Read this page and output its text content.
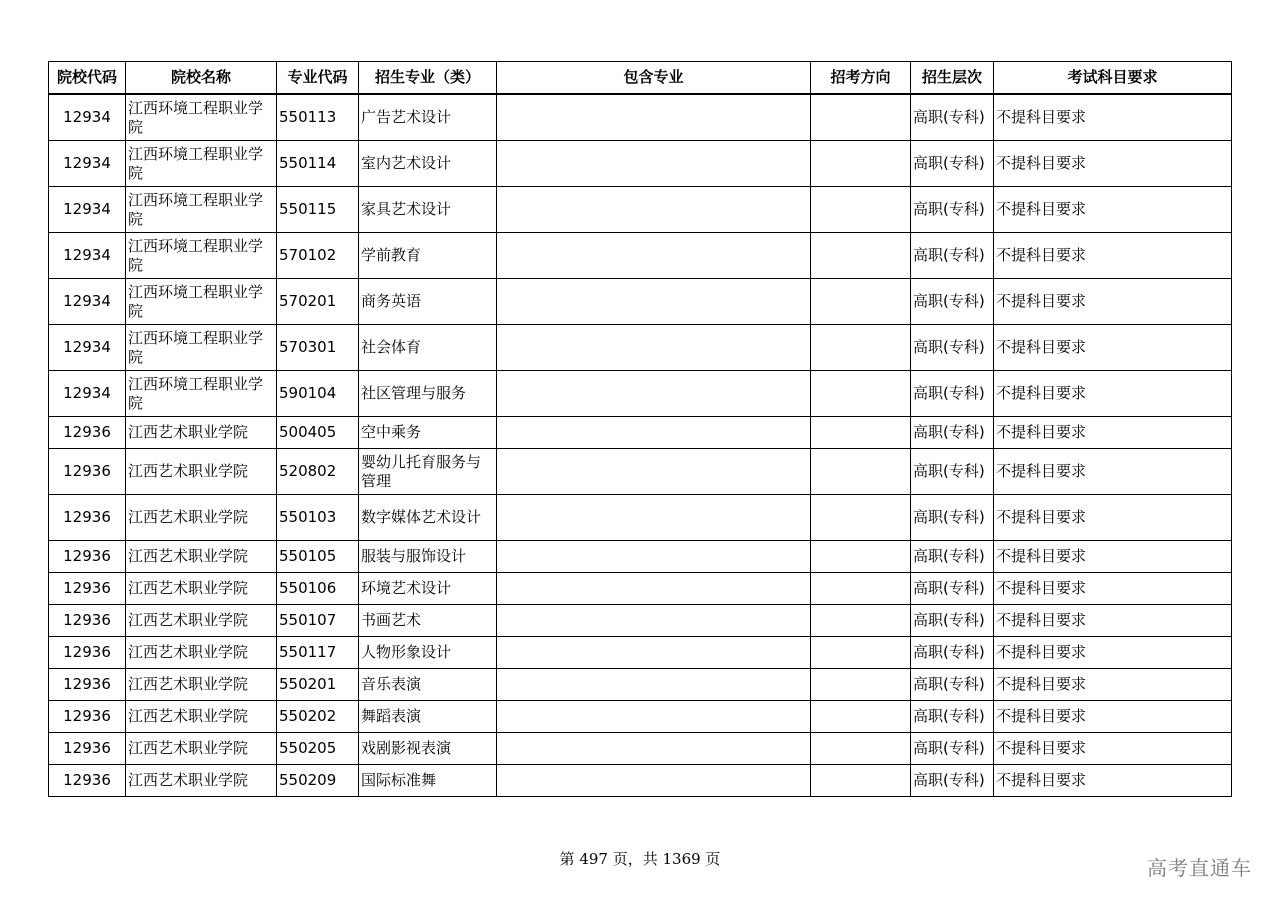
院校代码	院校名称	专业代码	招生专业（类）	包含专业	招考方向	招生层次	考试科目要求
12934	江西环境工程职业学院	550113	广告艺术设计			高职(专科)	不提科目要求
12934	江西环境工程职业学院	550114	室内艺术设计			高职(专科)	不提科目要求
12934	江西环境工程职业学院	550115	家具艺术设计			高职(专科)	不提科目要求
12934	江西环境工程职业学院	570102	学前教育			高职(专科)	不提科目要求
12934	江西环境工程职业学院	570201	商务英语			高职(专科)	不提科目要求
12934	江西环境工程职业学院	570301	社会体育			高职(专科)	不提科目要求
12934	江西环境工程职业学院	590104	社区管理与服务			高职(专科)	不提科目要求
12936	江西艺术职业学院	500405	空中乘务			高职(专科)	不提科目要求
12936	江西艺术职业学院	520802	婴幼儿托育服务与管理			高职(专科)	不提科目要求
12936	江西艺术职业学院	550103	数字媒体艺术设计			高职(专科)	不提科目要求
12936	江西艺术职业学院	550105	服装与服饰设计			高职(专科)	不提科目要求
12936	江西艺术职业学院	550106	环境艺术设计			高职(专科)	不提科目要求
12936	江西艺术职业学院	550107	书画艺术			高职(专科)	不提科目要求
12936	江西艺术职业学院	550117	人物形象设计			高职(专科)	不提科目要求
12936	江西艺术职业学院	550201	音乐表演			高职(专科)	不提科目要求
12936	江西艺术职业学院	550202	舞蹈表演			高职(专科)	不提科目要求
12936	江西艺术职业学院	550205	戏剧影视表演			高职(专科)	不提科目要求
12936	江西艺术职业学院	550209	国际标准舞			高职(专科)	不提科目要求
第 497 页，共 1369 页	高考直通车
